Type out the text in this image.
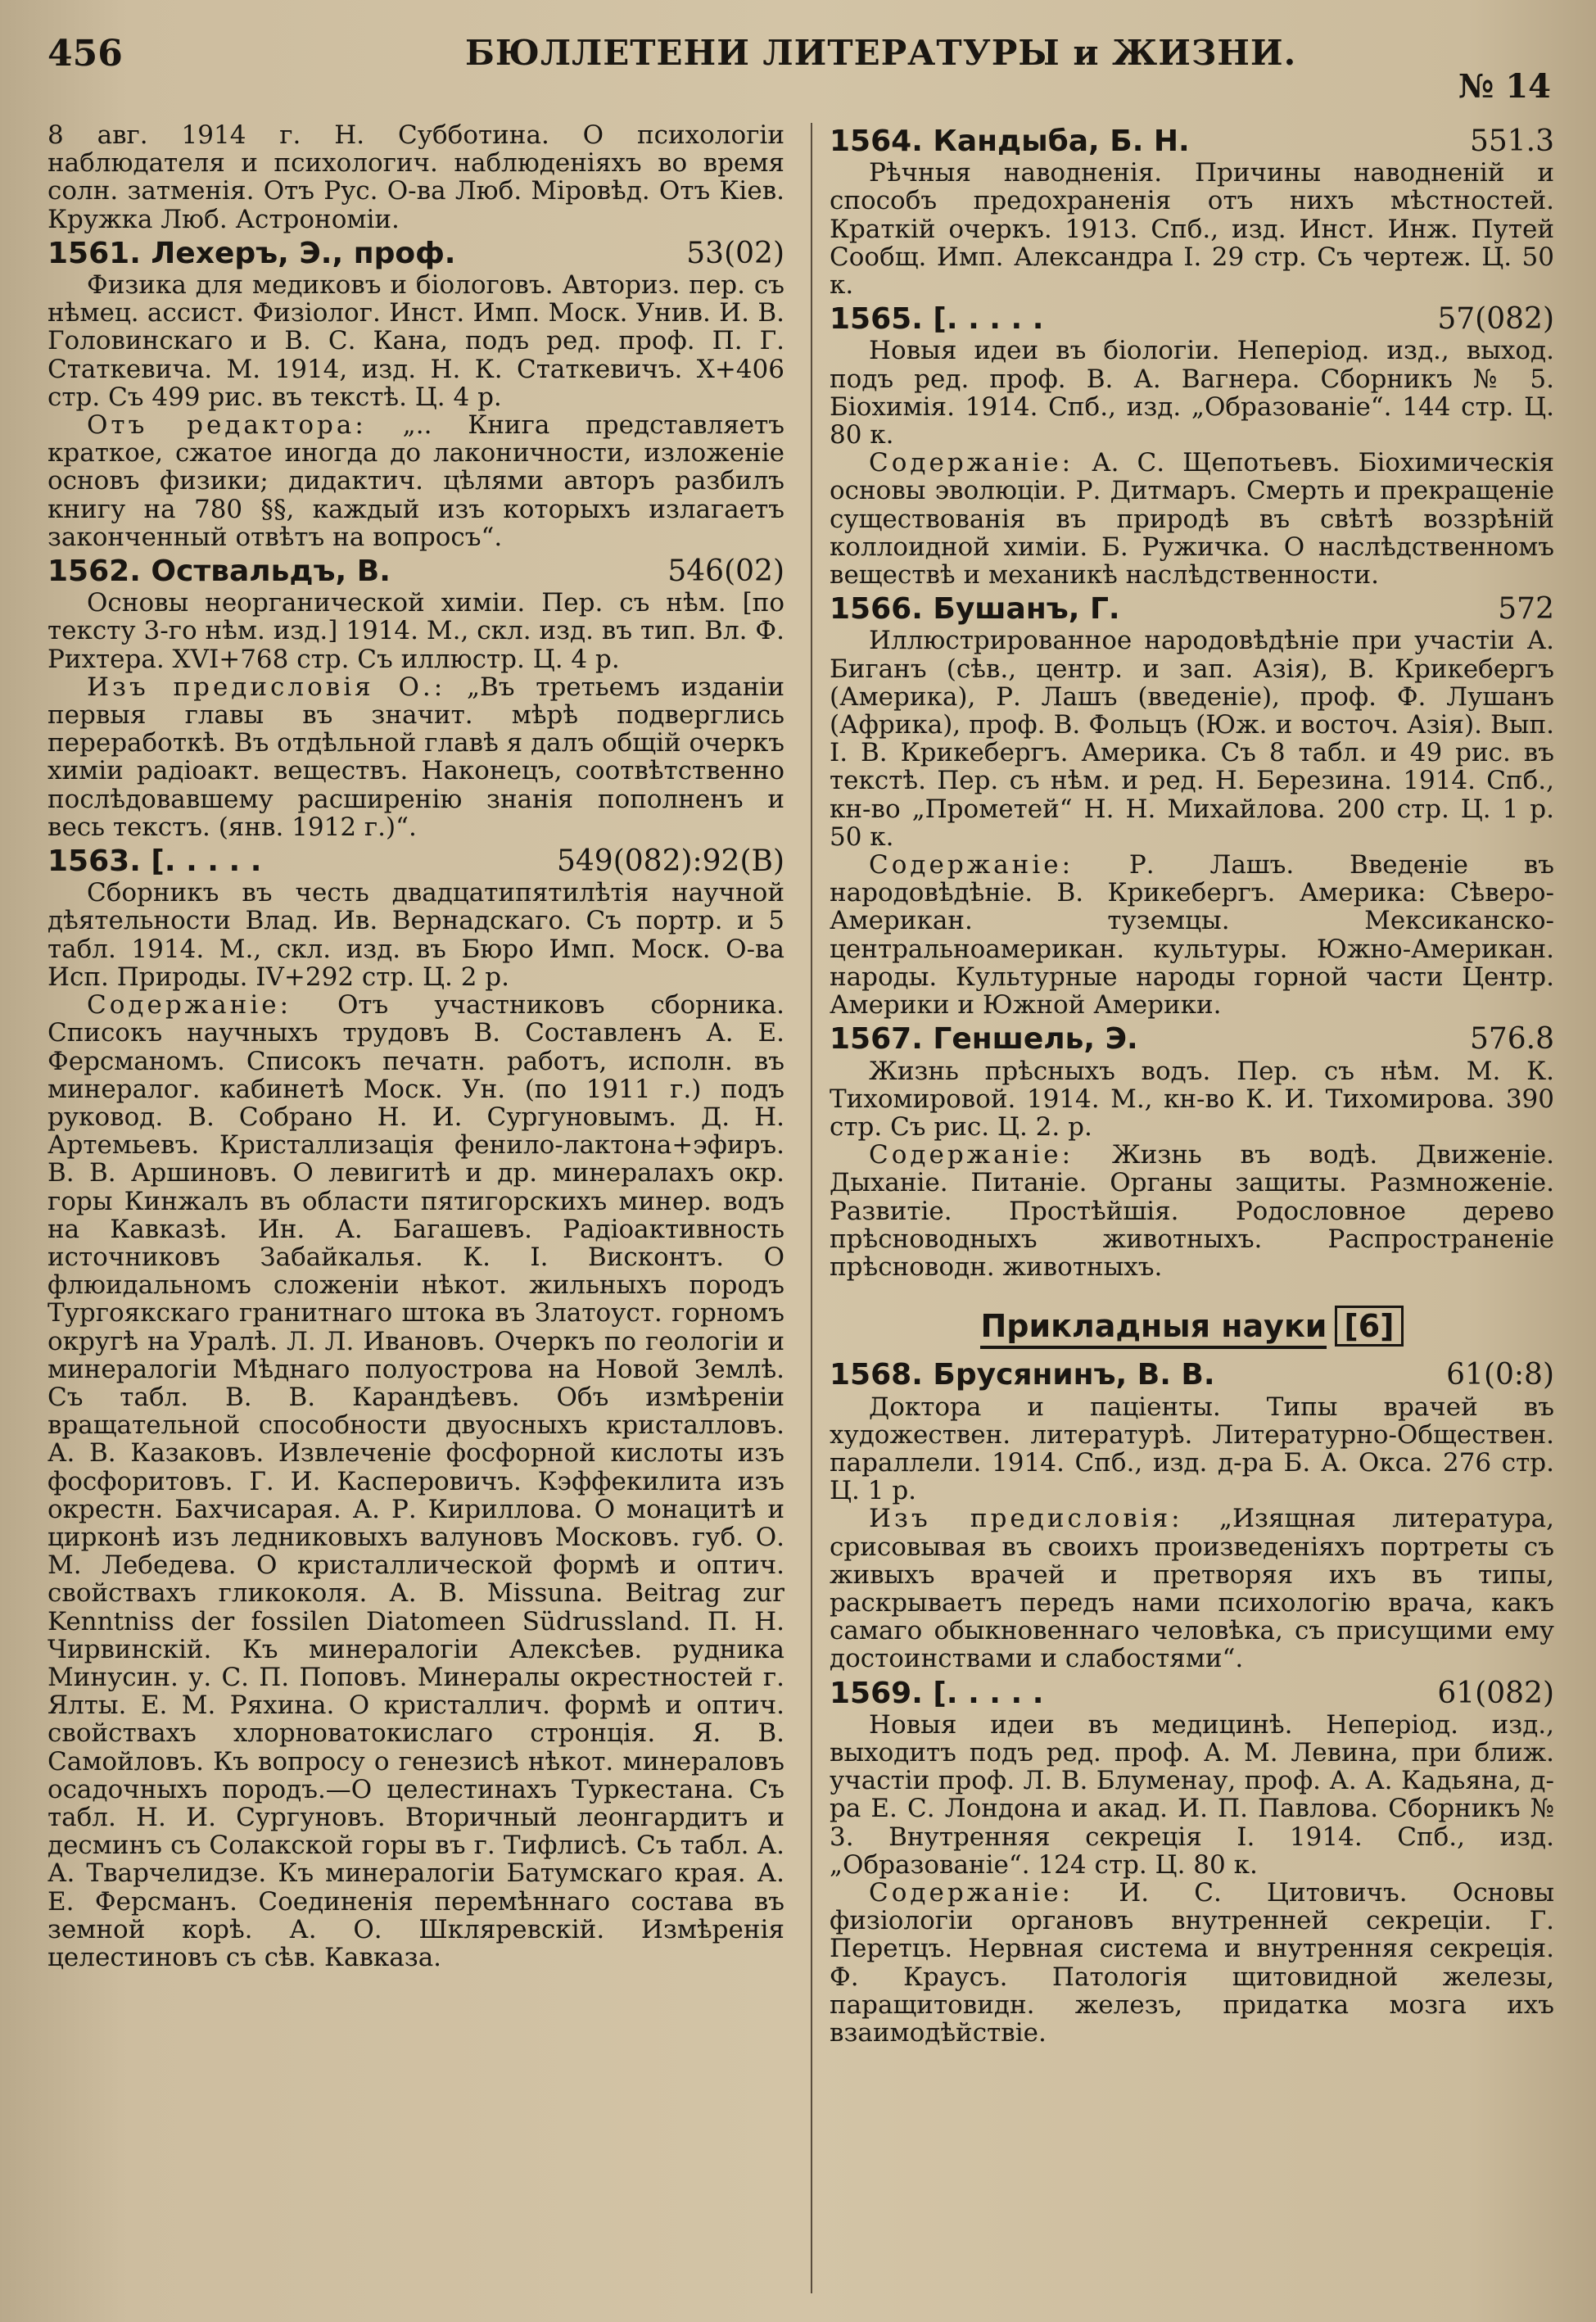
456	БЮЛЛЕТЕНИ ЛИТЕРАТУРЫ и ЖИЗНИ.
№ 14

8 авг. 1914 г. Н. Субботина. О психологіи наблюдателя и психологич. наблюденіяхъ во время солн. затменія. Отъ Рус. О-ва Люб. Міровѣд. Отъ Кіев. Кружка Люб. Астрономіи.

1561. Лехеръ, Э., проф.	53(02)

Физика для медиковъ и біологовъ. Авториз. пер. съ нѣмец. ассист. Физіолог. Инст. Имп. Моск. Унив. И. В. Головинскаго и В. С. Кана, подъ ред. проф. П. Г. Статкевича. М. 1914, изд. Н. К. Статкевичъ. X+406 стр. Съ 499 рис. въ текстѣ. Ц. 4 р.

Отъ редактора: „.. Книга представляетъ краткое, сжатое иногда до лаконичности, изложеніе основъ физики; дидактич. цѣлями авторъ разбилъ книгу на 780 §§, каждый изъ которыхъ излагаетъ законченный отвѣтъ на вопросъ“.

1562. Оствальдъ, В.	546(02)

Основы неорганической химіи. Пер. съ нѣм. [по тексту 3-го нѣм. изд.] 1914. М., скл. изд. въ тип. Вл. Ф. Рихтера. XVI+768 стр. Съ иллюстр. Ц. 4 р.

Изъ предисловія О.: „Въ третьемъ изданіи первыя главы въ значит. мѣрѣ подверглись переработкѣ. Въ отдѣльной главѣ я далъ общій очеркъ химіи радіоакт. веществъ. Наконецъ, соотвѣтственно послѣдовавшему расширенію знанія пополненъ и весь текстъ. (янв. 1912 г.)“.

1563. [. . . . .	549(082):92(В)

Сборникъ въ честь двадцатипятилѣтія научной дѣятельности Влад. Ив. Вернадскаго. Съ портр. и 5 табл. 1914. М., скл. изд. въ Бюро Имп. Моск. О-ва Исп. Природы. IV+292 стр. Ц. 2 р.

Содержаніе: Отъ участниковъ сборника. Списокъ научныхъ трудовъ В. Составленъ А. Е. Ферсманомъ. Списокъ печатн. работъ, исполн. въ минералог. кабинетѣ Моск. Ун. (по 1911 г.) подъ руковод. В. Собрано Н. И. Сургуновымъ. Д. Н. Артемьевъ. Кристаллизація фенило-лактона+эфиръ. В. В. Аршиновъ. О левигитѣ и др. минералахъ окр. горы Кинжалъ въ области пятигорскихъ минер. водъ на Кавказѣ. Ин. А. Багашевъ. Радіоактивность источниковъ Забайкалья. К. І. Висконтъ. О флюидальномъ сложеніи нѣкот. жильныхъ породъ Тургоякскаго гранитнаго штока въ Златоуст. горномъ округѣ на Уралѣ. Л. Л. Ивановъ. Очеркъ по геологіи и минералогіи Мѣднаго полуострова на Новой Землѣ. Съ табл. В. В. Карандѣевъ. Объ измѣреніи вращательной способности двуосныхъ кристалловъ. А. В. Казаковъ. Извлеченіе фосфорной кислоты изъ фосфоритовъ. Г. И. Касперовичъ. Кэффекилита изъ окрестн. Бахчисарая. А. Р. Кириллова. О монацитѣ и цирконѣ изъ ледниковыхъ валуновъ Московъ. губ. О. М. Лебедева. О кристаллической формѣ и оптич. свойствахъ гликоколя. А. В. Missuna. Beitrag zur Kenntniss der fossilen Diatomeen Südrussland. П. Н. Чирвинскій. Къ минералогіи Алексѣев. рудника Минусин. у. С. П. Поповъ. Минералы окрестностей г. Ялты. Е. М. Ряхина. О кристаллич. формѣ и оптич. свойствахъ хлорноватокислаго стронція. Я. В. Самойловъ. Къ вопросу о генезисѣ нѣкот. минераловъ осадочныхъ породъ.—О целестинахъ Туркестана. Съ табл. Н. И. Сургуновъ. Вторичный леонгардитъ и десминъ съ Солакской горы въ г. Тифлисѣ. Съ табл. А. А. Тварчелидзе. Къ минералогіи Батумскаго края. А. Е. Ферсманъ. Соединенія перемѣннаго состава въ земной корѣ. А. О. Шкляревскій. Измѣренія целестиновъ съ сѣв. Кавказа.

1564. Кандыба, Б. Н.	551.3

Рѣчныя наводненія. Причины наводненій и способъ предохраненія отъ нихъ мѣстностей. Краткій очеркъ. 1913. Спб., изд. Инст. Инж. Путей Сообщ. Имп. Александра І. 29 стр. Съ чертеж. Ц. 50 к.

1565. [. . . . .	57(082)

Новыя идеи въ біологіи. Неперіод. изд., выход. подъ ред. проф. В. А. Вагнера. Сборникъ № 5. Біохимія. 1914. Спб., изд. „Образованіе“. 144 стр. Ц. 80 к.

Содержаніе: А. С. Щепотьевъ. Біохимическія основы эволюціи. Р. Дитмаръ. Смерть и прекращеніе существованія въ природѣ въ свѣтѣ воззрѣній коллоидной химіи. Б. Ружичка. О наслѣдственномъ веществѣ и механикѣ наслѣдственности.

1566. Бушанъ, Г.	572

Иллюстрированное народовѣдѣніе при участіи А. Биганъ (сѣв., центр. и зап. Азія), В. Крикебергъ (Америка), Р. Лашъ (введеніе), проф. Ф. Лушанъ (Африка), проф. В. Фольцъ (Юж. и восточ. Азія). Вып. І. В. Крикебергъ. Америка. Съ 8 табл. и 49 рис. въ текстѣ. Пер. съ нѣм. и ред. Н. Березина. 1914. Спб., кн-во „Прометей“ Н. Н. Михайлова. 200 стр. Ц. 1 р. 50 к.

Содержаніе: Р. Лашъ. Введеніе въ народовѣдѣніе. В. Крикебергъ. Америка: Сѣверо-Американ. туземцы. Мексиканско-центральноамерикан. культуры. Южно-Американ. народы. Культурные народы горной части Центр. Америки и Южной Америки.

1567. Геншель, Э.	576.8

Жизнь прѣсныхъ водъ. Пер. съ нѣм. М. К. Тихомировой. 1914. М., кн-во К. И. Тихомирова. 390 стр. Съ рис. Ц. 2. р.

Содержаніе: Жизнь въ водѣ. Движеніе. Дыханіе. Питаніе. Органы защиты. Размноженіе. Развитіе. Простѣйшія. Родословное дерево прѣсноводныхъ животныхъ. Распространеніе прѣсноводн. животныхъ.

Прикладныя науки [6]
1568. Брусянинъ, В. В.	61(0:8)

Доктора и паціенты. Типы врачей въ художествен. литературѣ. Литературно-Обществен. параллели. 1914. Спб., изд. д-ра Б. А. Окса. 276 стр. Ц. 1 р.

Изъ предисловія: „Изящная литература, срисовывая въ своихъ произведеніяхъ портреты съ живыхъ врачей и претворяя ихъ въ типы, раскрываетъ передъ нами психологію врача, какъ самаго обыкновеннаго человѣка, съ присущими ему достоинствами и слабостями“.

1569. [. . . . .	61(082)

Новыя идеи въ медицинѣ. Неперіод. изд., выходитъ подъ ред. проф. А. М. Левина, при ближ. участіи проф. Л. В. Блуменау, проф. А. А. Кадьяна, д-ра Е. С. Лондона и акад. И. П. Павлова. Сборникъ № 3. Внутренняя секреція І. 1914. Спб., изд. „Образованіе“. 124 стр. Ц. 80 к.

Содержаніе: И. С. Цитовичъ. Основы физіологіи органовъ внутренней секреціи. Г. Перетцъ. Нервная система и внутренняя секреція. Ф. Краусъ. Патологія щитовидной железы, паращитовидн. железъ, придатка мозга ихъ взаимодѣйствіе.
